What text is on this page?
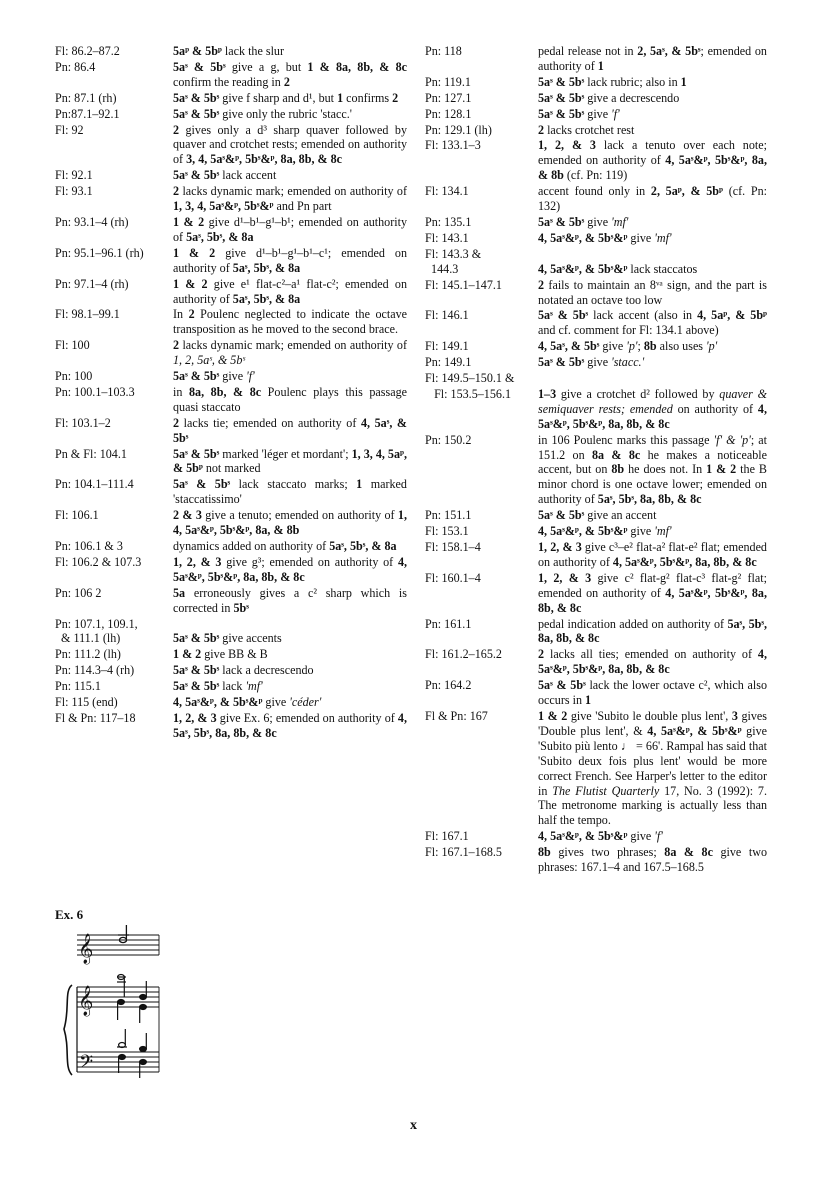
Fl: 86.2–87.2	5aᵖ & 5bᵖ lack the slur
Pn: 86.4	5aˢ & 5bˢ give a g, but 1 & 8a, 8b, & 8c confirm the reading in 2
Pn: 87.1 (rh)	5aˢ & 5bˢ give f sharp and d¹, but 1 confirms 2
Pn:87.1–92.1	5aˢ & 5bˢ give only the rubric 'stacc.'
Fl: 92	2 gives only a d³ sharp quaver followed by quaver and crotchet rests; emended on authority of 3, 4, 5aˢ&ᵖ, 5bˢ&ᵖ, 8a, 8b, & 8c
Fl: 92.1	5aˢ & 5bˢ lack accent
Fl: 93.1	2 lacks dynamic mark; emended on authority of 1, 3, 4, 5aˢ&ᵖ, 5bˢ&ᵖ and Pn part
Pn: 93.1–4 (rh)	1 & 2 give d¹–b¹–g¹–b¹; emended on authority of 5aˢ, 5bˢ, & 8a
Pn: 95.1–96.1 (rh)	1 & 2 give d¹–b¹–g¹–b¹–c¹; emended on authority of 5aˢ, 5bˢ, & 8a
Pn: 97.1–4 (rh)	1 & 2 give e¹ flat-c²–a¹ flat-c²; emended on authority of 5aˢ, 5bˢ, & 8a
Fl: 98.1–99.1	In 2 Poulenc neglected to indicate the octave transposition as he moved to the second brace.
Fl: 100	2 lacks dynamic mark; emended on authority of 1, 2, 5aˢ, & 5bˢ
Pn: 100	5aˢ & 5bˢ give 'f'
Pn: 100.1–103.3	in 8a, 8b, & 8c Poulenc plays this passage quasi staccato
Fl: 103.1–2	2 lacks tie; emended on authority of 4, 5aˢ, & 5bˢ
Pn & Fl: 104.1	5aˢ & 5bˢ marked 'léger et mordant'; 1, 3, 4, 5aᵖ, & 5bᵖ not marked
Pn: 104.1–111.4	5aˢ & 5bˢ lack staccato marks; 1 marked 'staccatissimo'
Fl: 106.1	2 & 3 give a tenuto; emended on authority of 1, 4, 5aˢ&ᵖ, 5bˢ&ᵖ, 8a, & 8b
Pn: 106.1 & 3	dynamics added on authority of 5aˢ, 5bˢ, & 8a
Fl: 106.2 & 107.3	1, 2, & 3 give g³; emended on authority of 4, 5aˢ&ᵖ, 5bˢ&ᵖ, 8a, 8b, & 8c
Pn: 106 2	5a erroneously gives a c² sharp which is corrected in 5bˢ
Pn: 107.1, 109.1,
& 111.1 (lh)	5aˢ & 5bˢ give accents
Pn: 111.2 (lh)	1 & 2 give BB & B
Pn: 114.3–4 (rh)	5aˢ & 5bˢ lack a decrescendo
Pn: 115.1	5aˢ & 5bˢ lack 'mf'
Fl: 115 (end)	4, 5aˢ&ᵖ, & 5bˢ&ᵖ give 'céder'
Fl & Pn: 117–18	1, 2, & 3 give Ex. 6; emended on authority of 4, 5aˢ, 5bˢ, 8a, 8b, & 8c
Pn: 118	pedal release not in 2, 5aˢ, & 5bˢ; emended on authority of 1
Pn: 119.1	5aˢ & 5bˢ lack rubric; also in 1
Pn: 127.1	5aˢ & 5bˢ give a decrescendo
Pn: 128.1	5aˢ & 5bˢ give 'f'
Pn: 129.1 (lh)	2 lacks crotchet rest
Fl: 133.1–3	1, 2, & 3 lack a tenuto over each note; emended on authority of 4, 5aˢ&ᵖ, 5bˢ&ᵖ, 8a, & 8b (cf. Pn: 119)
Fl: 134.1	accent found only in 2, 5aᵖ, & 5bᵖ (cf. Pn: 132)
Pn: 135.1	5aˢ & 5bˢ give 'mf'
Fl: 143.1	4, 5aˢ&ᵖ, & 5bˢ&ᵖ give 'mf'
Fl: 143.3 &
144.3	4, 5aˢ&ᵖ, & 5bˢ&ᵖ lack staccatos
Fl: 145.1–147.1	2 fails to maintain an 8ᵛᵃ sign, and the part is notated an octave too low
Fl: 146.1	5aˢ & 5bˢ lack accent (also in 4, 5aᵖ, & 5bᵖ and cf. comment for Fl: 134.1 above)
Fl: 149.1	4, 5aˢ, & 5bˢ give 'p'; 8b also uses 'p'
Pn: 149.1	5aˢ & 5bˢ give 'stacc.'
Fl: 149.5–150.1 &
Fl: 153.5–156.1	1–3 give a crotchet d² followed by quaver & semiquaver rests; emended on authority of 4, 5aˢ&ᵖ, 5bˢ&ᵖ, 8a, 8b, & 8c
Pn: 150.2	in 106 Poulenc marks this passage 'f' & 'p'; at 151.2 on 8a & 8c he makes a noticeable accent, but on 8b he does not. In 1 & 2 the B minor chord is one octave lower; emended on authority of 5aˢ, 5bˢ, 8a, 8b, & 8c
Pn: 151.1	5aˢ & 5bˢ give an accent
Fl: 153.1	4, 5aˢ&ᵖ, & 5bˢ&ᵖ give 'mf'
Fl: 158.1–4	1, 2, & 3 give c³–e² flat-a² flat-e² flat; emended on authority of 4, 5aˢ&ᵖ, 5bˢ&ᵖ, 8a, 8b, & 8c
Fl: 160.1–4	1, 2, & 3 give c² flat-g² flat-c³ flat-g² flat; emended on authority of 4, 5aˢ&ᵖ, 5bˢ&ᵖ, 8a, 8b, & 8c
Pn: 161.1	pedal indication added on authority of 5aˢ, 5bˢ, 8a, 8b, & 8c
Fl: 161.2–165.2	2 lacks all ties; emended on authority of 4, 5aˢ&ᵖ, 5bˢ&ᵖ, 8a, 8b, & 8c
Pn: 164.2	5aˢ & 5bˢ lack the lower octave c², which also occurs in 1
Fl & Pn: 167	1 & 2 give 'Subito le double plus lent', 3 gives 'Double plus lent', & 4, 5aˢ&ᵖ, & 5bˢ&ᵖ give 'Subito più lento ♩ = 66'. Rampal has said that 'Subito deux fois plus lent' would be more correct French. See Harper's letter to the editor in The Flutist Quarterly 17, No. 3 (1992): 7. The metronome marking is actually less than half the tempo.
Fl: 167.1	4, 5aˢ&ᵖ, & 5bˢ&ᵖ give 'f'
Fl: 167.1–168.5	8b gives two phrases; 8a & 8c give two phrases: 167.1–4 and 167.5–168.5
Ex. 6
𝄞
𝄞
𝄢
x
